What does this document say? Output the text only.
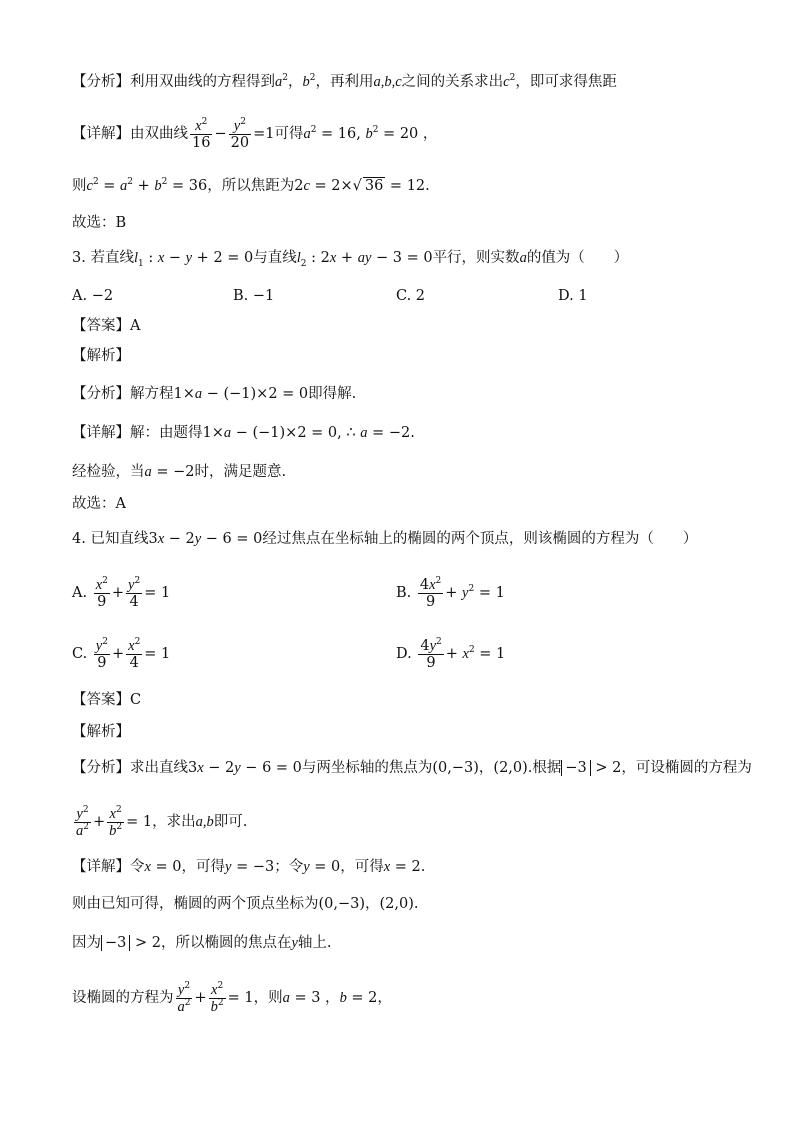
【分析】利用双曲线的方程得到$a^2$，$b^2$，再利用a,b,c之间的关系求出$c^2$，即可求得焦距
【详解】由双曲线 $\frac{x^2}{16} - \frac{y^2}{20} =1$可得$a^2 = 16$, $b^2 = 20$ ，
则$c^2 = a^2 + b^2 = 36$，所以焦距为2c = 2×√ 36 = 12.
故选：B
3. 若直线$l_1$ : x − y + 2 = 0与直线$l_2$ : 2x + ay − 3 = 0平行，则实数a的值为（　　）
A. −2	B. −1	C. 2	D. 1
【答案】A
【解析】
【分析】解方程1×a − (−1)×2 = 0即得解.
【详解】解：由题得1×a − (−1)×2 = 0, ∴ a = −2.
经检验，当a = −2时，满足题意.
故选：A
4. 已知直线3x − 2y − 6 = 0经过焦点在坐标轴上的椭圆的两个顶点，则该椭圆的方程为（　　）
A. $\frac{x^2}{9} + \frac{y^2}{4} = 1$	B. $\frac{4x^2}{9} + y^2 = 1$
C. $\frac{y^2}{9} + \frac{x^2}{4} = 1$	D. $\frac{4y^2}{9} + x^2 = 1$
【答案】C
【解析】
【分析】求出直线3x − 2y − 6 = 0与两坐标轴的焦点为(0,−3)，(2,0).根据 −3 > 2，可设椭圆的方程为
$\frac{y^2}{a^2} + \frac{x^2}{b^2} = 1$，求出a,b即可.
【详解】令x = 0，可得y = −3；令y = 0，可得x = 2.
则由已知可得，椭圆的两个顶点坐标为(0,−3)，(2,0).
因为 −3 > 2，所以椭圆的焦点在y轴上.
设椭圆的方程为 $\frac{y^2}{a^2} + \frac{x^2}{b^2} = 1$，则a = 3 ，b = 2，
